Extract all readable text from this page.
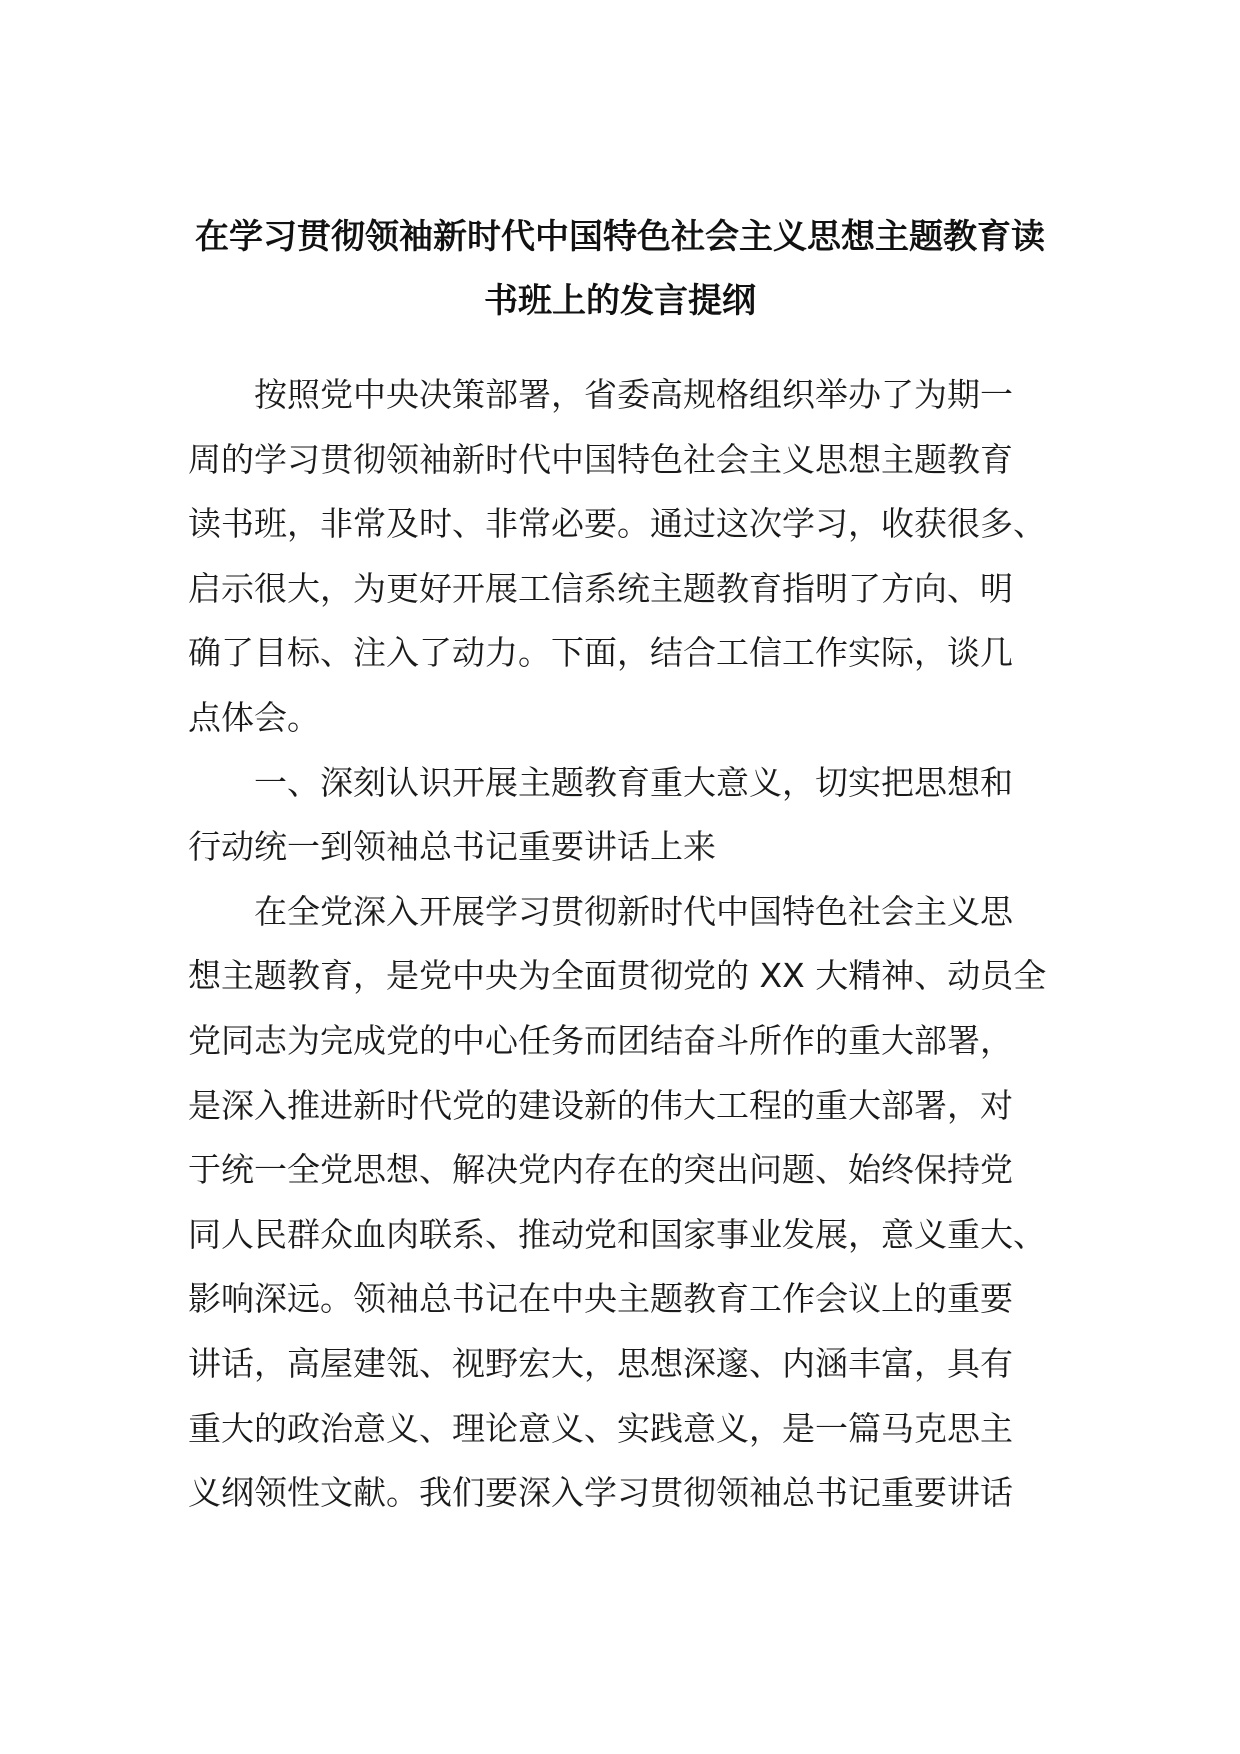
在学习贯彻领袖新时代中国特色社会主义思想主题教育读
书班上的发言提纲
按照党中央决策部署，省委高规格组织举办了为期一
周的学习贯彻领袖新时代中国特色社会主义思想主题教育
读书班，非常及时、非常必要。通过这次学习，收获很多、
启示很大，为更好开展工信系统主题教育指明了方向、明
确了目标、注入了动力。下面，结合工信工作实际，谈几
点体会。
一、深刻认识开展主题教育重大意义，切实把思想和
行动统一到领袖总书记重要讲话上来
在全党深入开展学习贯彻新时代中国特色社会主义思
想主题教育，是党中央为全面贯彻党的 XX 大精神、动员全
党同志为完成党的中心任务而团结奋斗所作的重大部署，
是深入推进新时代党的建设新的伟大工程的重大部署，对
于统一全党思想、解决党内存在的突出问题、始终保持党
同人民群众血肉联系、推动党和国家事业发展，意义重大、
影响深远。领袖总书记在中央主题教育工作会议上的重要
讲话，高屋建瓴、视野宏大，思想深邃、内涵丰富，具有
重大的政治意义、理论意义、实践意义，是一篇马克思主
义纲领性文献。我们要深入学习贯彻领袖总书记重要讲话
